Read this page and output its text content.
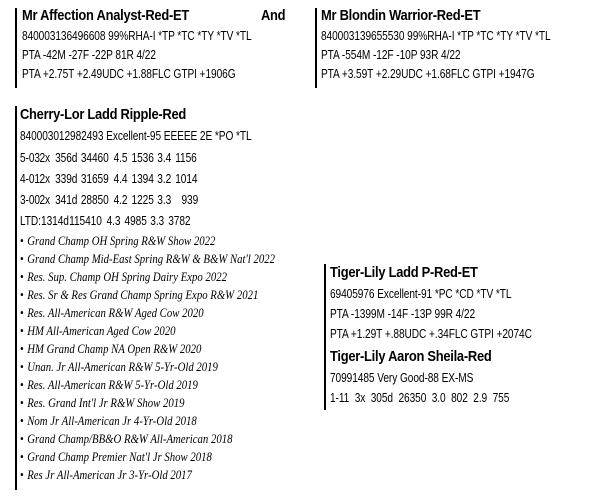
Mr Affection Analyst-Red-ET	And
840003136496608 99%RHA-I *TP *TC *TY *TV *TL
PTA -42M -27F -22P 81R 4/22
PTA +2.75T +2.49UDC +1.88FLC GTPI +1906G
Mr Blondin Warrior-Red-ET
840003139655530 99%RHA-I *TP *TC *TY *TV *TL
PTA -554M -12F -10P 93R 4/22
PTA +3.59T +2.29UDC +1.68FLC GTPI +1947G
Cherry-Lor Ladd Ripple-Red
840003012982493 Excellent-95 EEEEE 2E *PO *TL
5-032x 356d 34460 4.5 1536 3.4 1156
4-012x 339d 31659 4.4 1394 3.2 1014
3-002x 341d 28850 4.2 1225 3.3 939
LTD:1314d115410 4.3 4985 3.3 3782
• Grand Champ OH Spring R&W Show 2022
• Grand Champ Mid-East Spring R&W & B&W Nat'l 2022
• Res. Sup. Champ OH Spring Dairy Expo 2022
• Res. Sr & Res Grand Champ Spring Expo R&W 2021
• Res. All-American R&W Aged Cow 2020
• HM All-American Aged Cow 2020
• HM Grand Champ NA Open R&W 2020
• Unan. Jr All-American R&W 5-Yr-Old 2019
• Res. All-American R&W 5-Yr-Old 2019
• Res. Grand Int'l Jr R&W Show 2019
• Nom Jr All-American Jr 4-Yr-Old 2018
• Grand Champ/BB&O R&W All-American 2018
• Grand Champ Premier Nat'l Jr Show 2018
• Res Jr All-American Jr 3-Yr-Old 2017
Tiger-Lily Ladd P-Red-ET
69405976 Excellent-91 *PC *CD *TV *TL
PTA -1399M -14F -13P 99R 4/22
PTA +1.29T +.88UDC +.34FLC GTPI +2074C
Tiger-Lily Aaron Sheila-Red
70991485 Very Good-88 EX-MS
1-11  3x  305d  26350  3.0  802  2.9  755
